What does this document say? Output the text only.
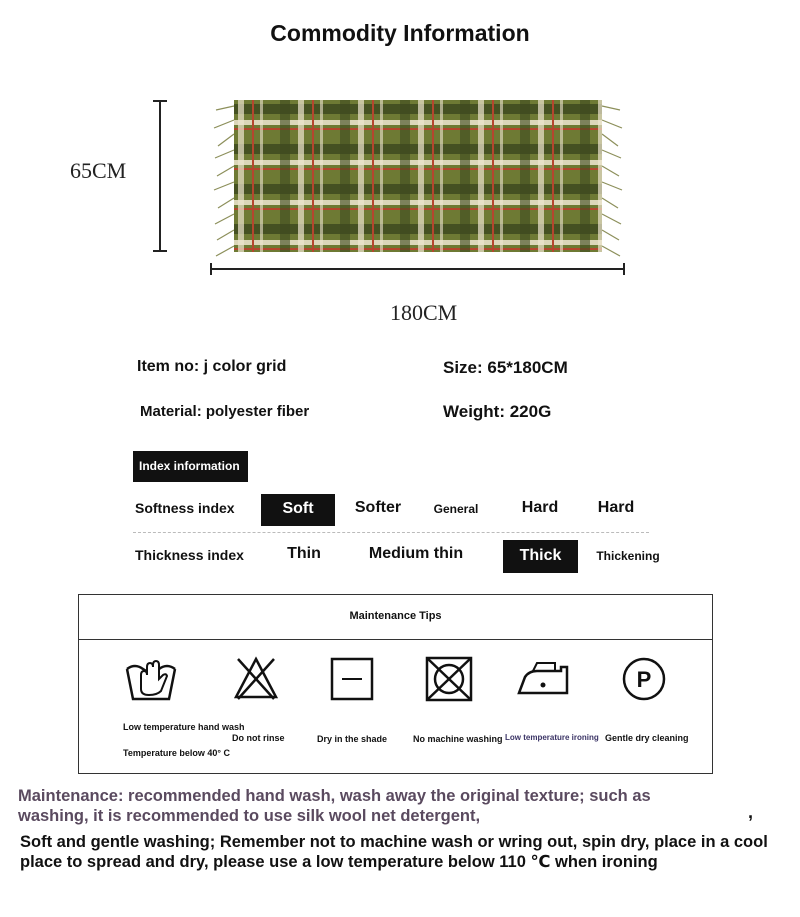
Commodity Information
65CM
180CM
Item no: j color grid	Size: 65*180CM
Material: polyester fiber	Weight: 220G
Index information
Softness index	Soft	Softer	General	Hard	Hard
Thickness index	Thin	Medium thin	Thick	Thickening
Maintenance Tips
Low temperature hand wash
Temperature below 40° C
Do not rinse	Dry in the shade	No machine washing Low temperature ironing
P
Gentle dry cleaning
Maintenance: recommended hand wash, wash away the original texture; such as washing, it is recommended to use silk wool net detergent,	,
Soft and gentle washing; Remember not to machine wash or wring out, spin dry, place in a cool place to spread and dry, please use a low temperature below 110 ℃ when ironing
